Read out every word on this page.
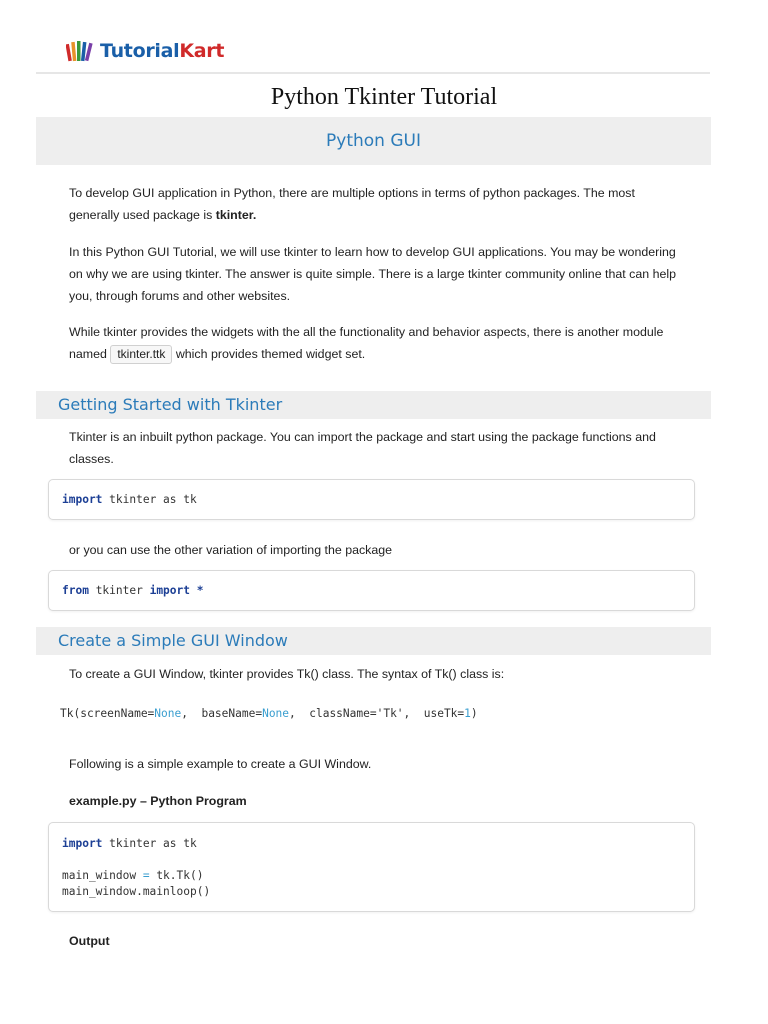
TutorialKart
Python Tkinter Tutorial
Python GUI

To develop GUI application in Python, there are multiple options in terms of python packages. The most generally used package is tkinter.

In this Python GUI Tutorial, we will use tkinter to learn how to develop GUI applications. You may be wondering on why we are using tkinter. The answer is quite simple. There is a large tkinter community online that can help you, through forums and other websites.

While tkinter provides the widgets with the all the functionality and behavior aspects, there is another module named tkinter.ttk which provides themed widget set.

Getting Started with Tkinter

Tkinter is an inbuilt python package. You can import the package and start using the package functions and classes.

import tkinter as tk

or you can use the other variation of importing the package

from tkinter import *
Create a Simple GUI Window

To create a GUI Window, tkinter provides Tk() class. The syntax of Tk() class is:

Tk(screenName=None,  baseName=None,  className='Tk',  useTk=1)

Following is a simple example to create a GUI Window.

example.py – Python Program

import tkinter as tk

main_window = tk.Tk()
main_window.mainloop()

Output
